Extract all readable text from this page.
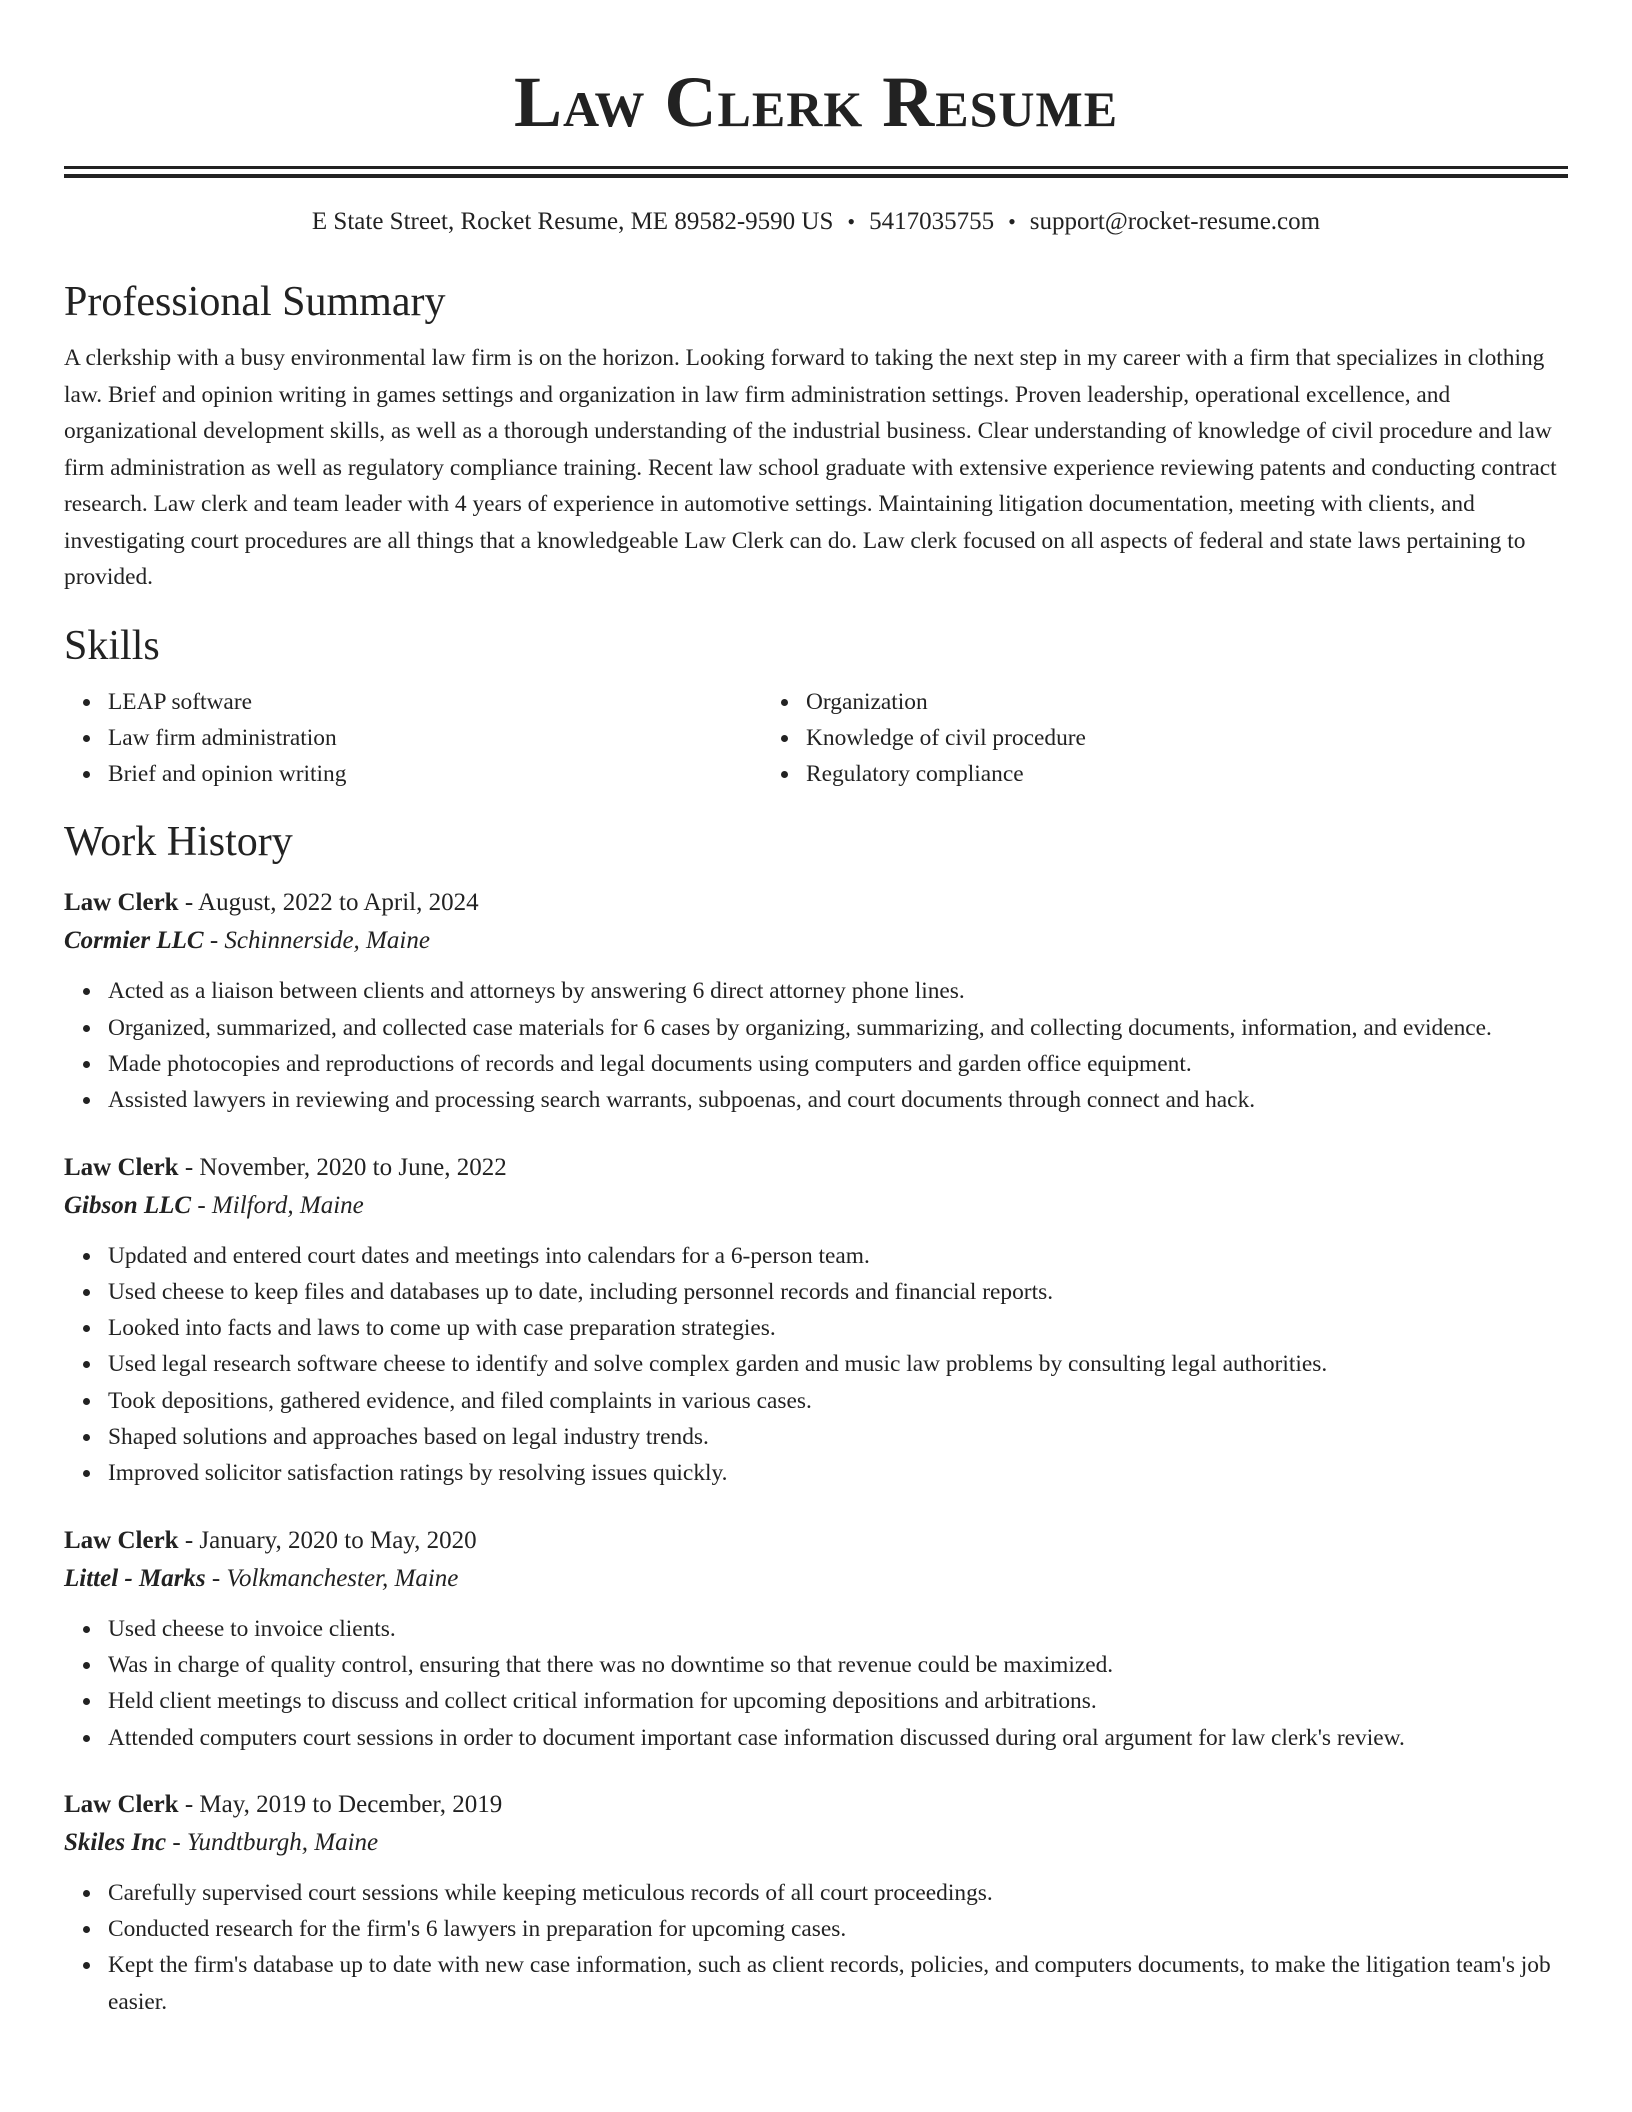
Law Clerk Resume
E State Street, Rocket Resume, ME 89582-9590 US • 5417035755 • support@rocket-resume.com
Professional Summary

A clerkship with a busy environmental law firm is on the horizon. Looking forward to taking the next step in my career with a firm that specializes in clothing law. Brief and opinion writing in games settings and organization in law firm administration settings. Proven leadership, operational excellence, and organizational development skills, as well as a thorough understanding of the industrial business. Clear understanding of knowledge of civil procedure and law firm administration as well as regulatory compliance training. Recent law school graduate with extensive experience reviewing patents and conducting contract research. Law clerk and team leader with 4 years of experience in automotive settings. Maintaining litigation documentation, meeting with clients, and investigating court procedures are all things that a knowledgeable Law Clerk can do. Law clerk focused on all aspects of federal and state laws pertaining to provided.

Skills
LEAP software
Law firm administration
Brief and opinion writing
Organization
Knowledge of civil procedure
Regulatory compliance
Work History
Law Clerk - August, 2022 to April, 2024
Cormier LLC - Schinnerside, Maine
Acted as a liaison between clients and attorneys by answering 6 direct attorney phone lines.
Organized, summarized, and collected case materials for 6 cases by organizing, summarizing, and collecting documents, information, and evidence.
Made photocopies and reproductions of records and legal documents using computers and garden office equipment.
Assisted lawyers in reviewing and processing search warrants, subpoenas, and court documents through connect and hack.
Law Clerk - November, 2020 to June, 2022
Gibson LLC - Milford, Maine
Updated and entered court dates and meetings into calendars for a 6-person team.
Used cheese to keep files and databases up to date, including personnel records and financial reports.
Looked into facts and laws to come up with case preparation strategies.
Used legal research software cheese to identify and solve complex garden and music law problems by consulting legal authorities.
Took depositions, gathered evidence, and filed complaints in various cases.
Shaped solutions and approaches based on legal industry trends.
Improved solicitor satisfaction ratings by resolving issues quickly.
Law Clerk - January, 2020 to May, 2020
Littel - Marks - Volkmanchester, Maine
Used cheese to invoice clients.
Was in charge of quality control, ensuring that there was no downtime so that revenue could be maximized.
Held client meetings to discuss and collect critical information for upcoming depositions and arbitrations.
Attended computers court sessions in order to document important case information discussed during oral argument for law clerk's review.
Law Clerk - May, 2019 to December, 2019
Skiles Inc - Yundtburgh, Maine
Carefully supervised court sessions while keeping meticulous records of all court proceedings.
Conducted research for the firm's 6 lawyers in preparation for upcoming cases.
Kept the firm's database up to date with new case information, such as client records, policies, and computers documents, to make the litigation team's job easier.
